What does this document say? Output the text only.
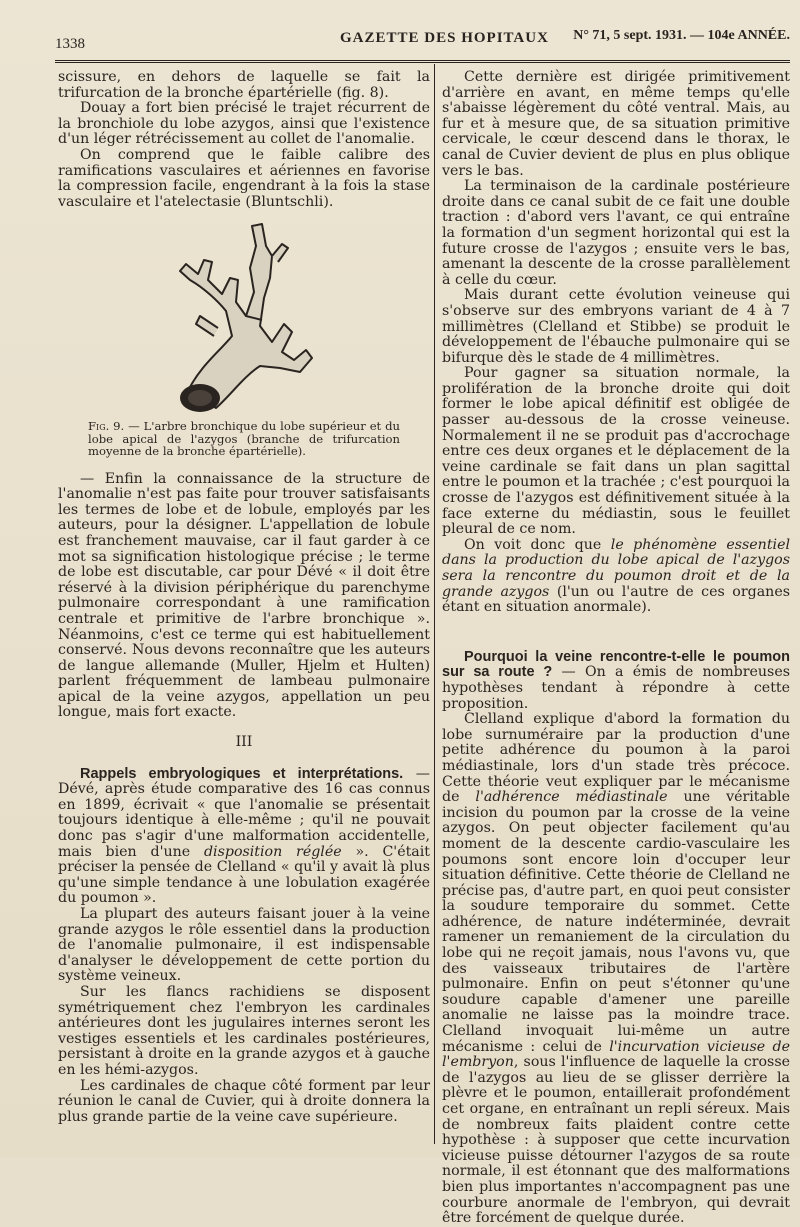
1338	GAZETTE DES HOPITAUX N° 71, 5 sept. 1931. — 104e ANNÉE.

scissure, en dehors de laquelle se fait la trifurcation de la bronche épartérielle (fig. 8).

Douay a fort bien précisé le trajet récurrent de la bronchiole du lobe azygos, ainsi que l'existence d'un léger rétrécissement au collet de l'anomalie.

On comprend que le faible calibre des ramifications vasculaires et aériennes en favorise la compression facile, engendrant à la fois la stase vasculaire et l'atelectasie (Bluntschli).

Fig. 9. — L'arbre bronchique du lobe supérieur et du lobe apical de l'azygos (branche de trifurcation moyenne de la bronche épartérielle).

— Enfin la connaissance de la structure de l'anomalie n'est pas faite pour trouver satisfaisants les termes de lobe et de lobule, employés par les auteurs, pour la désigner. L'appellation de lobule est franchement mauvaise, car il faut garder à ce mot sa signification histologique précise ; le terme de lobe est discutable, car pour Dévé « il doit être réservé à la division périphérique du parenchyme pulmonaire correspondant à une ramification centrale et primitive de l'arbre bronchique ». Néanmoins, c'est ce terme qui est habituellement conservé. Nous devons reconnaître que les auteurs de langue allemande (Muller, Hjelm et Hulten) parlent fréquemment de lambeau pulmonaire apical de la veine azygos, appellation un peu longue, mais fort exacte.

III

Rappels embryologiques et interprétations. — Dévé, après étude comparative des 16 cas connus en 1899, écrivait « que l'anomalie se présentait toujours identique à elle-même ; qu'il ne pouvait donc pas s'agir d'une malformation accidentelle, mais bien d'une disposition réglée ». C'était préciser la pensée de Clelland « qu'il y avait là plus qu'une simple tendance à une lobulation exagérée du poumon ».

La plupart des auteurs faisant jouer à la veine grande azygos le rôle essentiel dans la production de l'anomalie pulmonaire, il est indispensable d'analyser le développement de cette portion du système veineux.

Sur les flancs rachidiens se disposent symétriquement chez l'embryon les cardinales antérieures dont les jugulaires internes seront les vestiges essentiels et les cardinales postérieures, persistant à droite en la grande azygos et à gauche en les hémi-azygos.

Les cardinales de chaque côté forment par leur réunion le canal de Cuvier, qui à droite donnera la plus grande partie de la veine cave supérieure.

Cette dernière est dirigée primitivement d'arrière en avant, en même temps qu'elle s'abaisse légèrement du côté ventral. Mais, au fur et à mesure que, de sa situation primitive cervicale, le cœur descend dans le thorax, le canal de Cuvier devient de plus en plus oblique vers le bas.

La terminaison de la cardinale postérieure droite dans ce canal subit de ce fait une double traction : d'abord vers l'avant, ce qui entraîne la formation d'un segment horizontal qui est la future crosse de l'azygos ; ensuite vers le bas, amenant la descente de la crosse parallèlement à celle du cœur.

Mais durant cette évolution veineuse qui s'observe sur des embryons variant de 4 à 7 millimètres (Clelland et Stibbe) se produit le développement de l'ébauche pulmonaire qui se bifurque dès le stade de 4 millimètres.

Pour gagner sa situation normale, la prolifération de la bronche droite qui doit former le lobe apical définitif est obligée de passer au-dessous de la crosse veineuse. Normalement il ne se produit pas d'accrochage entre ces deux organes et le déplacement de la veine cardinale se fait dans un plan sagittal entre le poumon et la trachée ; c'est pourquoi la crosse de l'azygos est définitivement située à la face externe du médiastin, sous le feuillet pleural de ce nom.

On voit donc que le phénomène essentiel dans la production du lobe apical de l'azygos sera la rencontre du poumon droit et de la grande azygos (l'un ou l'autre de ces organes étant en situation anormale).

Pourquoi la veine rencontre-t-elle le poumon sur sa route ? — On a émis de nombreuses hypothèses tendant à répondre à cette proposition.

Clelland explique d'abord la formation du lobe surnuméraire par la production d'une petite adhérence du poumon à la paroi médiastinale, lors d'un stade très précoce. Cette théorie veut expliquer par le mécanisme de l'adhérence médiastinale une véritable incision du poumon par la crosse de la veine azygos. On peut objecter facilement qu'au moment de la descente cardio-vasculaire les poumons sont encore loin d'occuper leur situation définitive. Cette théorie de Clelland ne précise pas, d'autre part, en quoi peut consister la soudure temporaire du sommet. Cette adhérence, de nature indéterminée, devrait ramener un remaniement de la circulation du lobe qui ne reçoit jamais, nous l'avons vu, que des vaisseaux tributaires de l'artère pulmonaire. Enfin on peut s'étonner qu'une soudure capable d'amener une pareille anomalie ne laisse pas la moindre trace. Clelland invoquait lui-même un autre mécanisme : celui de l'incurvation vicieuse de l'embryon, sous l'influence de laquelle la crosse de l'azygos au lieu de se glisser derrière la plèvre et le poumon, entaillerait profondément cet organe, en entraînant un repli séreux. Mais de nombreux faits plaident contre cette hypothèse : à supposer que cette incurvation vicieuse puisse détourner l'azygos de sa route normale, il est étonnant que des malformations bien plus importantes n'accompagnent pas une courbure anormale de l'embryon, qui devrait être forcément de quelque durée.
